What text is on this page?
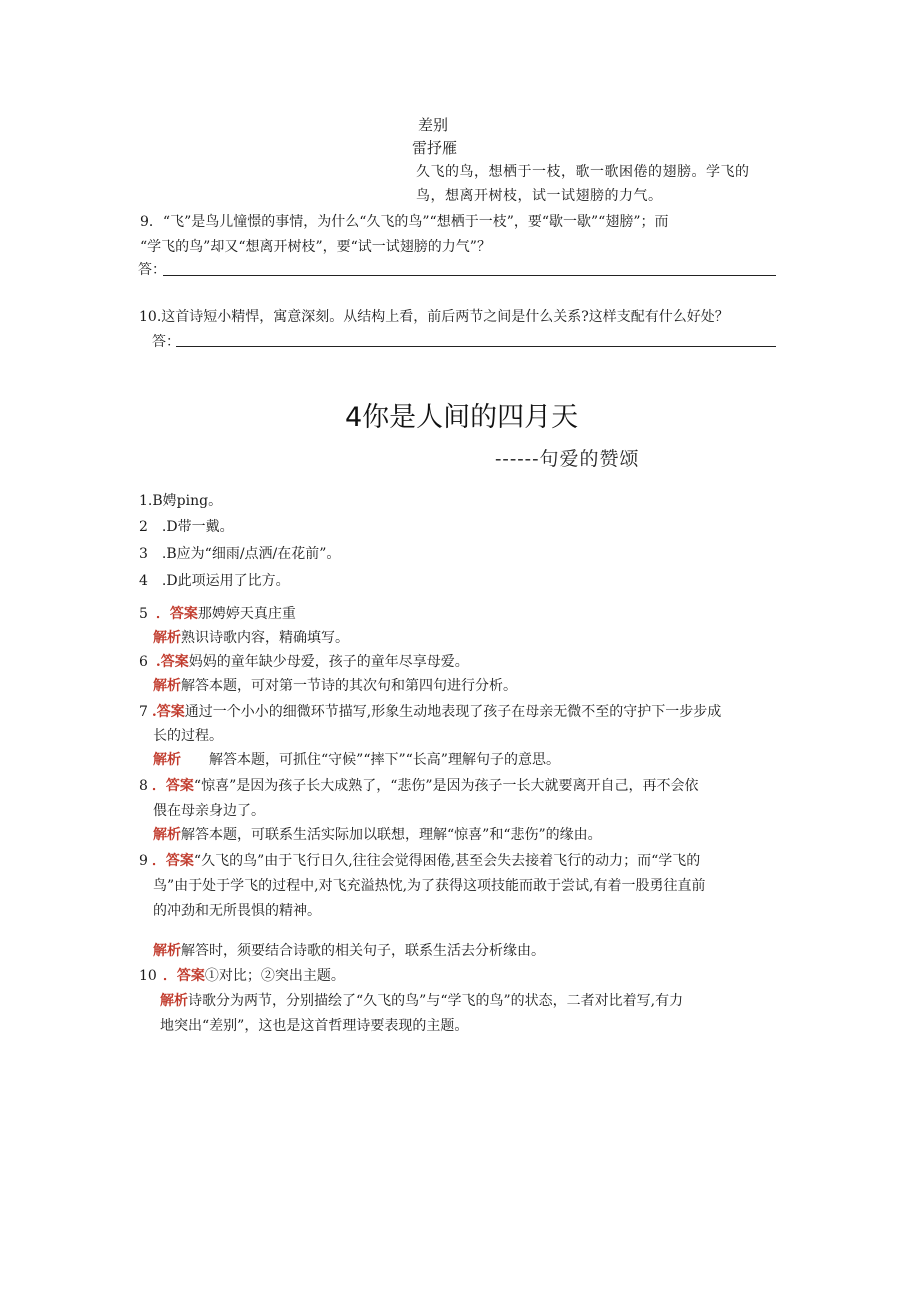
差别
雷抒雁
久飞的鸟，想栖于一枝，歌一歌困倦的翅膀。学飞的
鸟，想离开树枝，试一试翅膀的力气。
9．“飞”是鸟儿憧憬的事情，为什么“久飞的鸟”“想栖于一枝”，要“歇一歇”“翅膀”；而
“学飞的鸟”却又“想离开树枝”，要“试一试翅膀的力气”？
答：
10.这首诗短小精悍，寓意深刻。从结构上看，前后两节之间是什么关系?这样支配有什么好处？
答：
4你是人间的四月天
------句爱的赞颂
1.B娉ping。
2 .D带一戴。
3 .B应为“细雨/点洒/在花前”。
4 .D此项运用了比方。
5 ．答案那娉婷天真庄重
解析熟识诗歌内容，精确填写。
6 .答案妈妈的童年缺少母爱，孩子的童年尽享母爱。
解析解答本题，可对第一节诗的其次句和第四句进行分析。
7 .答案通过一个小小的细微环节描写,形象生动地表现了孩子在母亲无微不至的守护下一步步成
长的过程。
解析 解答本题，可抓住“守候”“摔下”“长高”理解句子的意思。
8 ．答案“惊喜”是因为孩子长大成熟了，“悲伤”是因为孩子一长大就要离开自己，再不会依
偎在母亲身边了。
解析解答本题，可联系生活实际加以联想，理解“惊喜”和“悲伤”的缘由。
9 ．答案“久飞的鸟”由于飞行日久,往往会觉得困倦,甚至会失去接着飞行的动力；而“学飞的
鸟”由于处于学飞的过程中,对飞充溢热忱,为了获得这项技能而敢于尝试,有着一股勇往直前
的冲劲和无所畏惧的精神。
解析解答时，须要结合诗歌的相关句子，联系生活去分析缘由。
10 ．答案①对比；②突出主题。
解析诗歌分为两节，分别描绘了“久飞的鸟”与“学飞的鸟”的状态，二者对比着写,有力
地突出“差别”，这也是这首哲理诗要表现的主题。
